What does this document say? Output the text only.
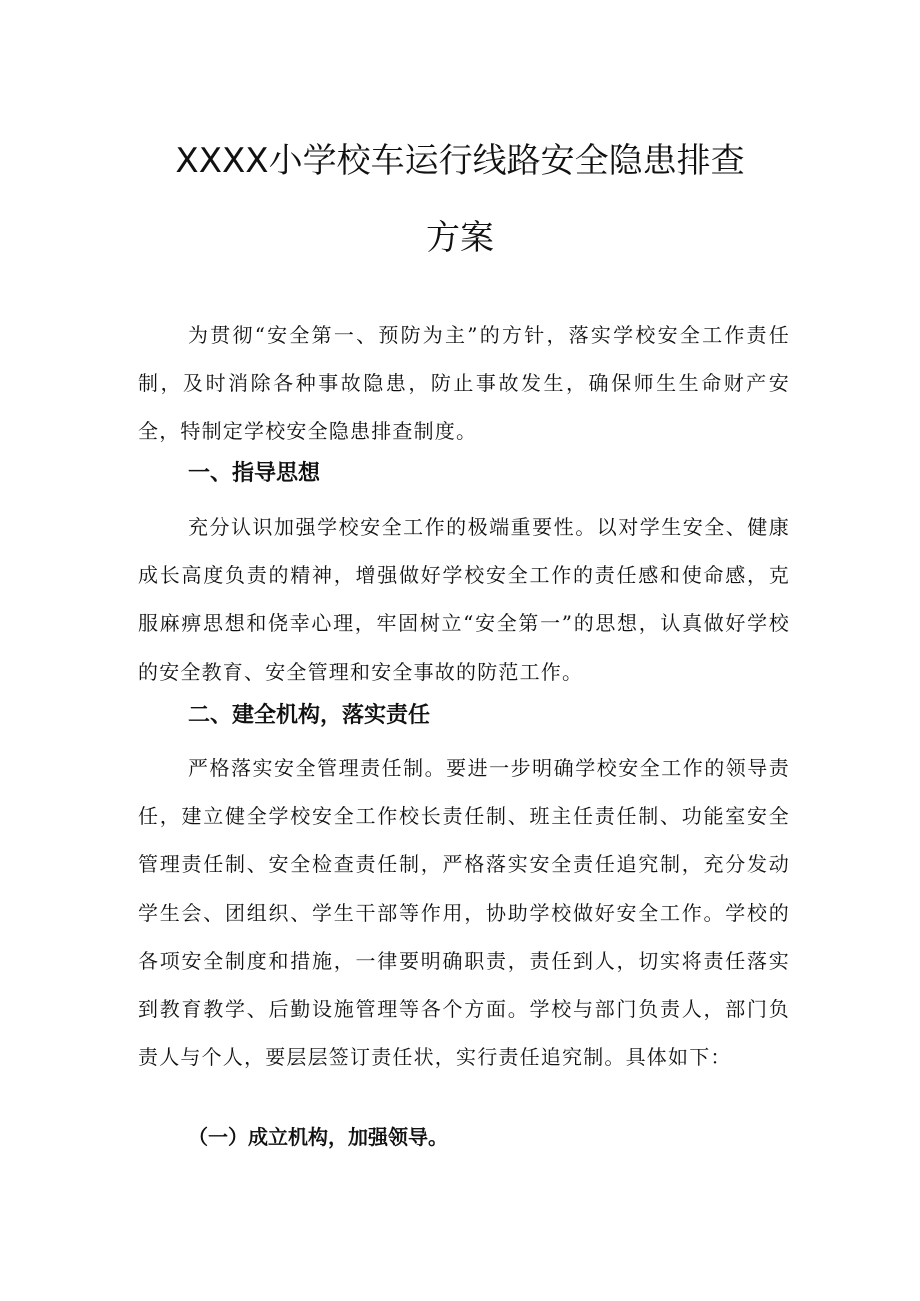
XXXX小学校车运行线路安全隐患排查
方案

为贯彻“安全第一、预防为主”的方针，落实学校安全工作责任制，及时消除各种事故隐患，防止事故发生，确保师生生命财产安全，特制定学校安全隐患排查制度。

一、指导思想

充分认识加强学校安全工作的极端重要性。以对学生安全、健康成长高度负责的精神，增强做好学校安全工作的责任感和使命感，克服麻痹思想和侥幸心理，牢固树立“安全第一”的思想，认真做好学校的安全教育、安全管理和安全事故的防范工作。

二、建全机构，落实责任

严格落实安全管理责任制。要进一步明确学校安全工作的领导责任，建立健全学校安全工作校长责任制、班主任责任制、功能室安全管理责任制、安全检查责任制，严格落实安全责任追究制，充分发动学生会、团组织、学生干部等作用，协助学校做好安全工作。学校的各项安全制度和措施，一律要明确职责，责任到人，切实将责任落实到教育教学、后勤设施管理等各个方面。学校与部门负责人，部门负责人与个人，要层层签订责任状，实行责任追究制。具体如下：

（一）成立机构，加强领导。
